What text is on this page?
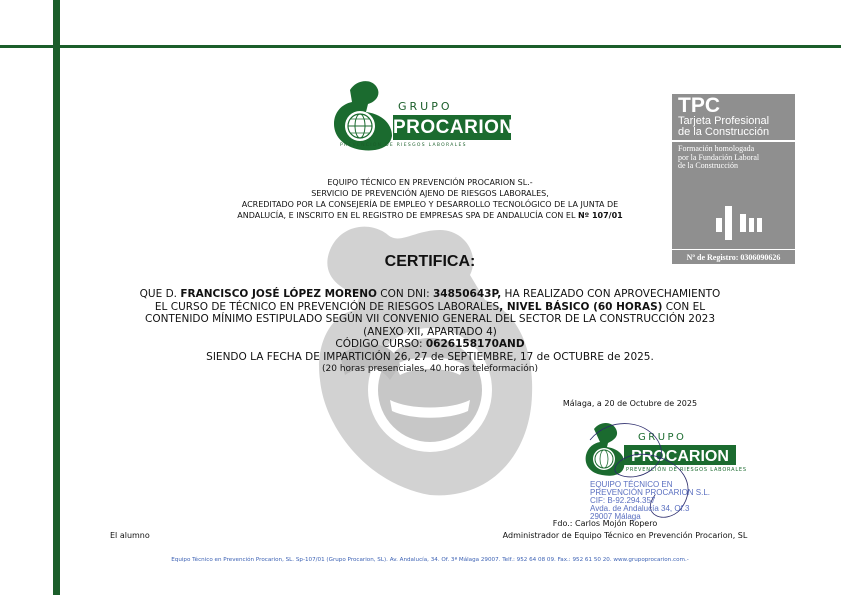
GRUPO
PROCARION
PREVENCIÓN DE RIESGOS LABORALES
TPC
Tarjeta Profesional
de la Construcción
Formación homologada
por la Fundación Laboral
de la Construcción
Nº de Registro: 0306090626
EQUIPO TÉCNICO EN PREVENCIÓN PROCARION SL.-
SERVICIO DE PREVENCIÓN AJENO DE RIESGOS LABORALES,
ACREDITADO POR LA CONSEJERÍA DE EMPLEO Y DESARROLLO TECNOLÓGICO DE LA JUNTA DE
ANDALUCÍA, E INSCRITO EN EL REGISTRO DE EMPRESAS SPA DE ANDALUCÍA CON EL Nº 107/01
CERTIFICA:
QUE D. FRANCISCO JOSÉ LÓPEZ MORENO CON DNI: 34850643P, HA REALIZADO CON APROVECHAMIENTO
EL CURSO DE TÉCNICO EN PREVENCIÓN DE RIESGOS LABORALES, NIVEL BÁSICO (60 HORAS) CON EL
CONTENIDO MÍNIMO ESTIPULADO SEGÚN VII CONVENIO GENERAL DEL SECTOR DE LA CONSTRUCCIÓN 2023
(ANEXO XII, APARTADO 4)
CÓDIGO CURSO: 0626158170AND
SIENDO LA FECHA DE IMPARTICIÓN 26, 27 de SEPTIEMBRE, 17 de OCTUBRE de 2025.
(20 horas presenciales, 40 horas teleformación)
Málaga, a 20 de Octubre de 2025
GRUPO
PROCARION
PREVENCIÓN DE RIESGOS LABORALES
EQUIPO TÉCNICO EN
PREVENCIÓN PROCARION S.L.
CIF: B-92.294.357
Avda. de Andalucía 34, Of.3
29007 Málaga
Fdo.: Carlos Mojón Ropero
Administrador de Equipo Técnico en Prevención Procarion, SL
El alumno
Equipo Técnico en Prevención Procarion, SL. Sp-107/01 (Grupo Procarion, SL). Av. Andalucía, 34. Of. 3ª Málaga 29007. Telf.: 952 64 08 09. Fax.: 952 61 50 20. www.grupoprocarion.com.-
